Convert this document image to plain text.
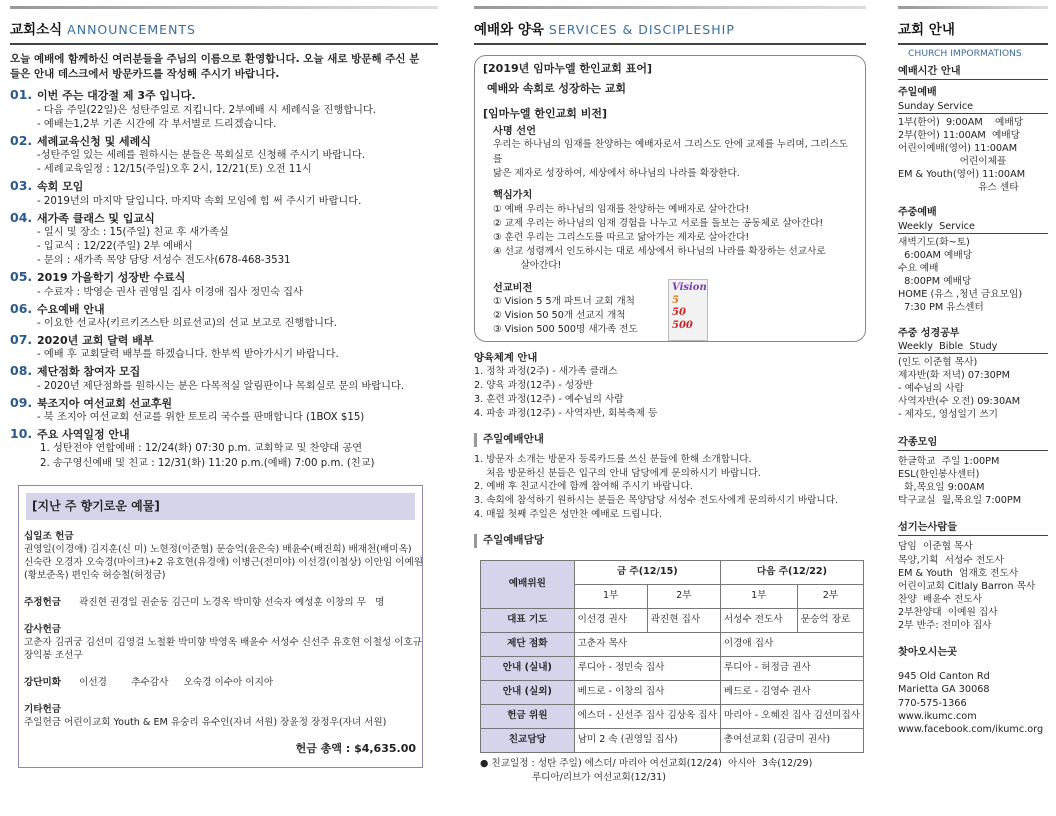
교회소식 ANNOUNCEMENTS
오늘 예배에 함께하신 여러분들을 주님의 이름으로 환영합니다. 오늘 새로 방문해 주신 분
들은 안내 데스크에서 방문카드를 작성해 주시기 바랍니다.
01. 이번 주는 대강절 제 3주 입니다.
- 다음 주일(22일)은 성탄주일로 지킵니다. 2부예배 시 세례식을 진행합니다.
- 예배는1,2부 기존 시간에 각 부서별로 드리겠습니다.
02. 세례교육신청 및 세례식
-성탄주일 있는 세례를 원하시는 분들은 목회실로 신청해 주시기 바랍니다.
- 세례교육일정 : 12/15(주일)오후 2시, 12/21(토) 오전 11시
03. 속회 모임
- 2019년의 마지막 달입니다. 마지막 속회 모임에 힘 써 주시기 바랍니다.
04. 새가족 클래스 및 입교식
- 일시 및 장소 : 15(주일) 친교 후 새가족실
- 입교식 : 12/22(주일) 2부 예배시
- 문의 : 새가족 목양 담당 서성수 전도사(678-468-3531
05. 2019 가을학기 성장반 수료식
- 수료자 : 박영순 권사 권영일 집사 이경애 집사 정민숙 집사
06. 수요예배 안내
- 이요한 선교사(키르키즈스탄 의료선교)의 선교 보고로 진행합니다.
07. 2020년 교회 달력 배부
- 예배 후 교회달력 배부를 하겠습니다. 한부씩 받아가시기 바랍니다.
08. 제단점화 참여자 모집
- 2020년 제단점화를 원하시는 분은 다목적실 알림판이나 목회실로 문의 바랍니다.
09. 북조지아 여선교회 선교후원
- 북 조지아 여선교회 선교를 위한 토토리 국수를 판매합니다 (1BOX $15)
10. 주요 사역일정 안내
1. 성탄전야 연합예배 : 12/24(화) 07:30 p.m. 교회학교 및 찬양대 공연
2. 송구영신예배 및 친교 : 12/31(화) 11:20 p.m.(예배) 7:00 p.m. (친교)
[지난 주 향기로운 예물]
십일조 헌금
권영일(이경애) 김지훈(신 미) 노현정(이준협) 문승억(윤은숙) 배윤수(배진희) 배재천(배미옥)
신숙란 오경자 오숙경(마이크)+2 유호현(유경애) 이병근(전미야) 이선경(이철상) 이안임 이예원
(황보준옥) 편인숙 허승철(허정금)
주정헌금 곽진현 권경일 권순동 김근미 노경옥 박미향 선숙자 예성훈 이창의 무   명
감사헌금
고춘자 김귀궁 김선미 김영걸 노철환 박미향 박영옥 배윤수 서성수 신선주 유호현 이철성 이호규
장익봉 조선구
강단미화 이선경        추수감사     오숙경 이수아 이지아
기타헌금
주일헌금 어린이교회 Youth & EM 유숭리 유수인(자녀 서원) 장윤정 장정우(자녀 서원)
헌금 총액 : $4,635.00
예배와 양육 SERVICES & DISCIPLESHIP
[2019년 임마누엘 한인교회 표어]
예배와 속회로 성장하는 교회
[임마누엘 한인교회 비전]
사명 선언
우리는 하나님의 임재를 찬양하는 예배자로서 그리스도 안에 교제를 누리며, 그리스도를
닮은 제자로 성장하여, 세상에서 하나님의 나라를 확장한다.
핵심가치
① 예배 우리는 하나님의 임재를 찬양하는 예배자로 살아간다!
② 교제 우리는 하나님의 임재 경험을 나누고 서로를 돌보는 공동체로 살아간다!
③ 훈련 우리는 그리스도를 따르고 닮아가는 제자로 살아간다!
④ 선교 성령께서 인도하시는 대로 세상에서 하나님의 나라를 확장하는 선교사로
살아간다!
선교비전
① Vision 5 5개 파트너 교회 개척
② Vision 50 50개 선교지 개척
③ Vision 500 500명 새가족 전도
Vision
5
50
500
양육체계 안내
1. 정착 과정(2주) - 새가족 클래스
2. 양육 과정(12주) - 성장반
3. 훈련 과정(12주) - 예수님의 사람
4. 파송 과정(12주) - 사역자반, 회복축제 등
주일예배안내
1. 방문자 소개는 방문자 등록카드를 쓰신 분들에 한해 소개합니다.
처음 방문하신 분들은 입구의 안내 담당에게 문의하시기 바랍니다.
2. 예배 후 친교시간에 함께 참여해 주시기 바랍니다.
3. 속회에 참석하기 원하시는 분들은 목양담당 서성수 전도사에게 문의하시기 바랍니다.
4. 매월 첫째 주일은 성만찬 예배로 드립니다.
주일예배담당
예배위원	금 주(12/15)		다음 주(12/22)	
	1부	2부	1부	2부
대표 기도	이선경 권사	곽진현 집사	서성수 전도사	문승억 장로
제단 점화	고춘자 목사		이경애 집사	
안내 (실내)	루디아 - 정민숙 집사		루디아 - 허정금 권사	
안내 (실외)	베드로 - 이창의 집사		베드로 - 김영수 권사	
헌금 위원	에스더 - 신선주 집사 김상옥 집사		마리아 - 오혜진 집사 김선미집사	
친교담당	남미 2 속 (권영일 집사)		총여선교회 (김금미 권사)	
● 친교일정 : 성탄 주일) 에스더/ 마리아 여선교회(12/24)  아시아  3속(12/29)
루디아/리브가 여선교회(12/31)
교회 안내
CHURCH IMPORMATIONS
예배시간 안내
주일예배
Sunday Service
1부(한어)  9:00AM    예배당
2부(한어) 11:00AM  예배당
어린이예배(영어) 11:00AM
어린이체플
EM & Youth(영어) 11:00AM
유스 센타
주중예배
Weekly  Service
새벽기도(화~토)
6:00AM 예배당
수요 예배
8:00PM 예배당
HOME (유스 ,청년 금요모임)
7:30 PM 유스센터
주중 성경공부
Weekly  Bible  Study
(인도 이준협 목사)
제자반(화 저녁) 07:30PM
- 예수님의 사람
사역자반(수 오전) 09:30AM
- 제자도, 영성일기 쓰기
각종모임
한글학교  주일 1:00PM
ESL(한인봉사센터)
화,목요일 9:00AM
탁구교실  월,목요일 7:00PM
섬기는사람들
담임  이준협 목사
목양,기획  서성수 전도사
EM & Youth  엄재호 전도사
어린이교회 Citlaly Barron 목사
찬양  배윤수 전도사
2부찬양대  이예원 집사
2부 반주: 전미야 집사
찾아오시는곳
945 Old Canton Rd
Marietta GA 30068
770-575-1366
www.ikumc.com
www.facebook.com/ikumc.org
